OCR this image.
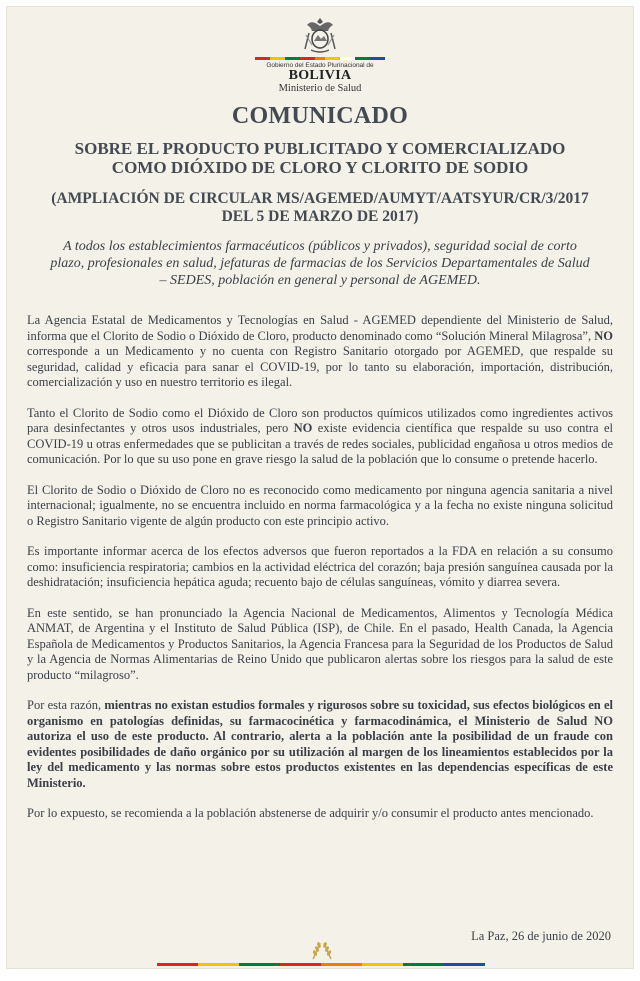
Gobierno del Estado Plurinacional de
BOLIVIA
Ministerio de Salud
COMUNICADO
SOBRE EL PRODUCTO PUBLICITADO Y COMERCIALIZADO
COMO DIÓXIDO DE CLORO Y CLORITO DE SODIO
(AMPLIACIÓN DE CIRCULAR MS/AGEMED/AUMYT/AATSYUR/CR/3/2017
DEL 5 DE MARZO DE 2017)
A todos los establecimientos farmacéuticos (públicos y privados), seguridad social de corto plazo, profesionales en salud, jefaturas de farmacias de los Servicios Departamentales de Salud – SEDES, población en general y personal de AGEMED.

La Agencia Estatal de Medicamentos y Tecnologías en Salud - AGEMED dependiente del Ministerio de Salud, informa que el Clorito de Sodio o Dióxido de Cloro, producto denominado como “Solución Mineral Milagrosa”, NO corresponde a un Medicamento y no cuenta con Registro Sanitario otorgado por AGEMED, que respalde su seguridad, calidad y eficacia para sanar el COVID-19, por lo tanto su elaboración, importación, distribución, comercialización y uso en nuestro territorio es ilegal.

Tanto el Clorito de Sodio como el Dióxido de Cloro son productos químicos utilizados como ingredientes activos para desinfectantes y otros usos industriales, pero NO existe evidencia científica que respalde su uso contra el COVID-19 u otras enfermedades que se publicitan a través de redes sociales, publicidad engañosa u otros medios de comunicación. Por lo que su uso pone en grave riesgo la salud de la población que lo consume o pretende hacerlo.

El Clorito de Sodio o Dióxido de Cloro no es reconocido como medicamento por ninguna agencia sanitaria a nivel internacional; igualmente, no se encuentra incluido en norma farmacológica y a la fecha no existe ninguna solicitud o Registro Sanitario vigente de algún producto con este principio activo.

Es importante informar acerca de los efectos adversos que fueron reportados a la FDA en relación a su consumo como: insuficiencia respiratoria; cambios en la actividad eléctrica del corazón; baja presión sanguínea causada por la deshidratación; insuficiencia hepática aguda; recuento bajo de células sanguíneas, vómito y diarrea severa.

En este sentido, se han pronunciado la Agencia Nacional de Medicamentos, Alimentos y Tecnología Médica ANMAT, de Argentina y el Instituto de Salud Pública (ISP), de Chile. En el pasado, Health Canada, la Agencia Española de Medicamentos y Productos Sanitarios, la Agencia Francesa para la Seguridad de los Productos de Salud y la Agencia de Normas Alimentarias de Reino Unido que publicaron alertas sobre los riesgos para la salud de este producto “milagroso”.

Por esta razón, mientras no existan estudios formales y rigurosos sobre su toxicidad, sus efectos biológicos en el organismo en patologías definidas, su farmacocinética y farmacodinámica, el Ministerio de Salud NO autoriza el uso de este producto. Al contrario, alerta a la población ante la posibilidad de un fraude con evidentes posibilidades de daño orgánico por su utilización al margen de los lineamientos establecidos por la ley del medicamento y las normas sobre estos productos existentes en las dependencias específicas de este Ministerio.

Por lo expuesto, se recomienda a la población abstenerse de adquirir y/o consumir el producto antes mencionado.

La Paz, 26 de junio de 2020
